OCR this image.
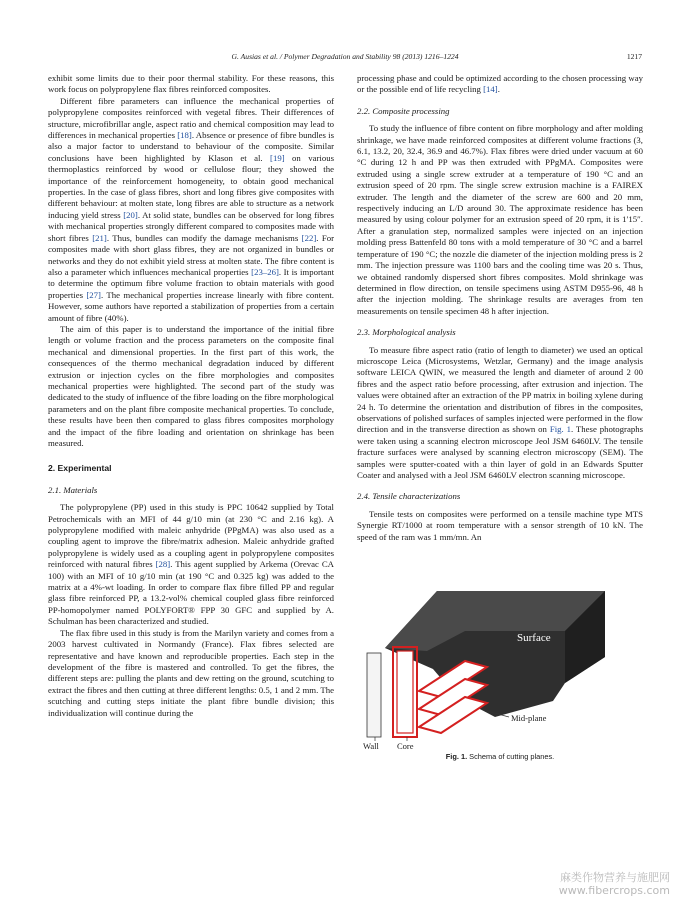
G. Ausias et al. / Polymer Degradation and Stability 98 (2013) 1216–1224	1217

exhibit some limits due to their poor thermal stability. For these reasons, this work focus on polypropylene flax fibres reinforced composites.

Different fibre parameters can influence the mechanical properties of polypropylene composites reinforced with vegetal fibres. Their differences of structure, microfibrillar angle, aspect ratio and chemical composition may lead to differences in mechanical properties [18]. Absence or presence of fibre bundles is also a major factor to understand to behaviour of the composite. Similar conclusions have been highlighted by Klason et al. [19] on various thermoplastics reinforced by wood or cellulose flour; they showed the importance of the reinforcement homogeneity, to obtain good mechanical properties. In the case of glass fibres, short and long fibres give composites with different behaviour: at molten state, long fibres are able to structure as a network inducing yield stress [20]. At solid state, bundles can be observed for long fibres with mechanical properties strongly different compared to composites made with short fibres [21]. Thus, bundles can modify the damage mechanisms [22]. For composites made with short glass fibres, they are not organized in bundles or networks and they do not exhibit yield stress at molten state. The fibre content is also a parameter which influences mechanical properties [23–26]. It is important to determine the optimum fibre volume fraction to obtain materials with good properties [27]. The mechanical properties increase linearly with fibre content. However, some authors have reported a stabilization of properties from a certain amount of fibre (40%).

The aim of this paper is to understand the importance of the initial fibre length or volume fraction and the process parameters on the composite final mechanical and dimensional properties. In the first part of this work, the consequences of the thermo mechanical degradation induced by different extrusion or injection cycles on the fibre morphologies and composites mechanical properties were highlighted. The second part of the study was dedicated to the study of influence of the fibre loading on the fibre morphological parameters and on the plant fibre composite mechanical properties. To conclude, these results have been then compared to glass fibres composites morphology and the impact of the fibre loading and orientation on shrinkage has been measured.

2. Experimental
2.1. Materials

The polypropylene (PP) used in this study is PPC 10642 supplied by Total Petrochemicals with an MFI of 44 g/10 min (at 230 °C and 2.16 kg). A polypropylene modified with maleic anhydride (PPgMA) was also used as a coupling agent to improve the fibre/matrix adhesion. Maleic anhydride grafted polypropylene is widely used as a coupling agent in polypropylene composites reinforced with natural fibres [28]. This agent supplied by Arkema (Orevac CA 100) with an MFI of 10 g/10 min (at 190 °C and 0.325 kg) was added to the matrix at a 4%-wt loading. In order to compare flax fibre filled PP and regular glass fibre reinforced PP, a 13.2-vol% chemical coupled glass fibre reinforced PP-homopolymer named POLYFORT® FPP 30 GFC and supplied by A. Schulman has been characterized and studied.

The flax fibre used in this study is from the Marilyn variety and comes from a 2003 harvest cultivated in Normandy (France). Flax fibres selected are representative and have known and reproducible properties. Each step in the development of the fibre is mastered and controlled. To get the fibres, the different steps are: pulling the plants and dew retting on the ground, scutching to extract the fibres and then cutting at three different lengths: 0.5, 1 and 2 mm. The scutching and cutting steps initiate the plant fibre bundle division; this individualization will continue during the

processing phase and could be optimized according to the chosen processing way or the possible end of life recycling [14].

2.2. Composite processing

To study the influence of fibre content on fibre morphology and after molding shrinkage, we have made reinforced composites at different volume fractions (3, 6.1, 13.2, 20, 32.4, 36.9 and 46.7%). Flax fibres were dried under vacuum at 60 °C during 12 h and PP was then extruded with PPgMA. Composites were extruded using a single screw extruder at a temperature of 190 °C and an extrusion speed of 20 rpm. The single screw extrusion machine is a FAIREX extruder. The length and the diameter of the screw are 600 and 20 mm, respectively inducing an L/D around 30. The approximate residence has been measured by using colour polymer for an extrusion speed of 20 rpm, it is 1′15″. After a granulation step, normalized samples were injected on an injection molding press Battenfeld 80 tons with a mold temperature of 30 °C and a barrel temperature of 190 °C; the nozzle die diameter of the injection molding press is 2 mm. The injection pressure was 1100 bars and the cooling time was 20 s. Thus, we obtained randomly dispersed short fibres composites. Mold shrinkage was determined in flow direction, on tensile specimens using ASTM D955-96, 48 h after the injection molding. The shrinkage results are averages from ten measurements on tensile specimen 48 h after injection.

2.3. Morphological analysis

To measure fibre aspect ratio (ratio of length to diameter) we used an optical microscope Leica (Microsystems, Wetzlar, Germany) and the image analysis software LEICA QWIN, we measured the length and diameter of around 2 00 fibres and the aspect ratio before processing, after extrusion and injection. The values were obtained after an extraction of the PP matrix in boiling xylene during 24 h. To determine the orientation and distribution of fibres in the composites, observations of polished surfaces of samples injected were performed in the flow direction and in the transverse direction as shown on Fig. 1. These photographs were taken using a scanning electron microscope Jeol JSM 6460LV. The tensile fracture surfaces were analysed by scanning electron microscopy (SEM). The samples were sputter-coated with a thin layer of gold in an Edwards Sputter Coater and analysed with a Jeol JSM 6460LV electron scanning microscope.

2.4. Tensile characterizations

Tensile tests on composites were performed on a tensile machine type MTS Synergie RT/1000 at room temperature with a sensor strength of 10 kN. The speed of the ram was 1 mm/mn. An

Surface
Mid-plane
Wall Core
Fig. 1. Schema of cutting planes.
麻类作物营养与施肥网
www.fibercrops.com
